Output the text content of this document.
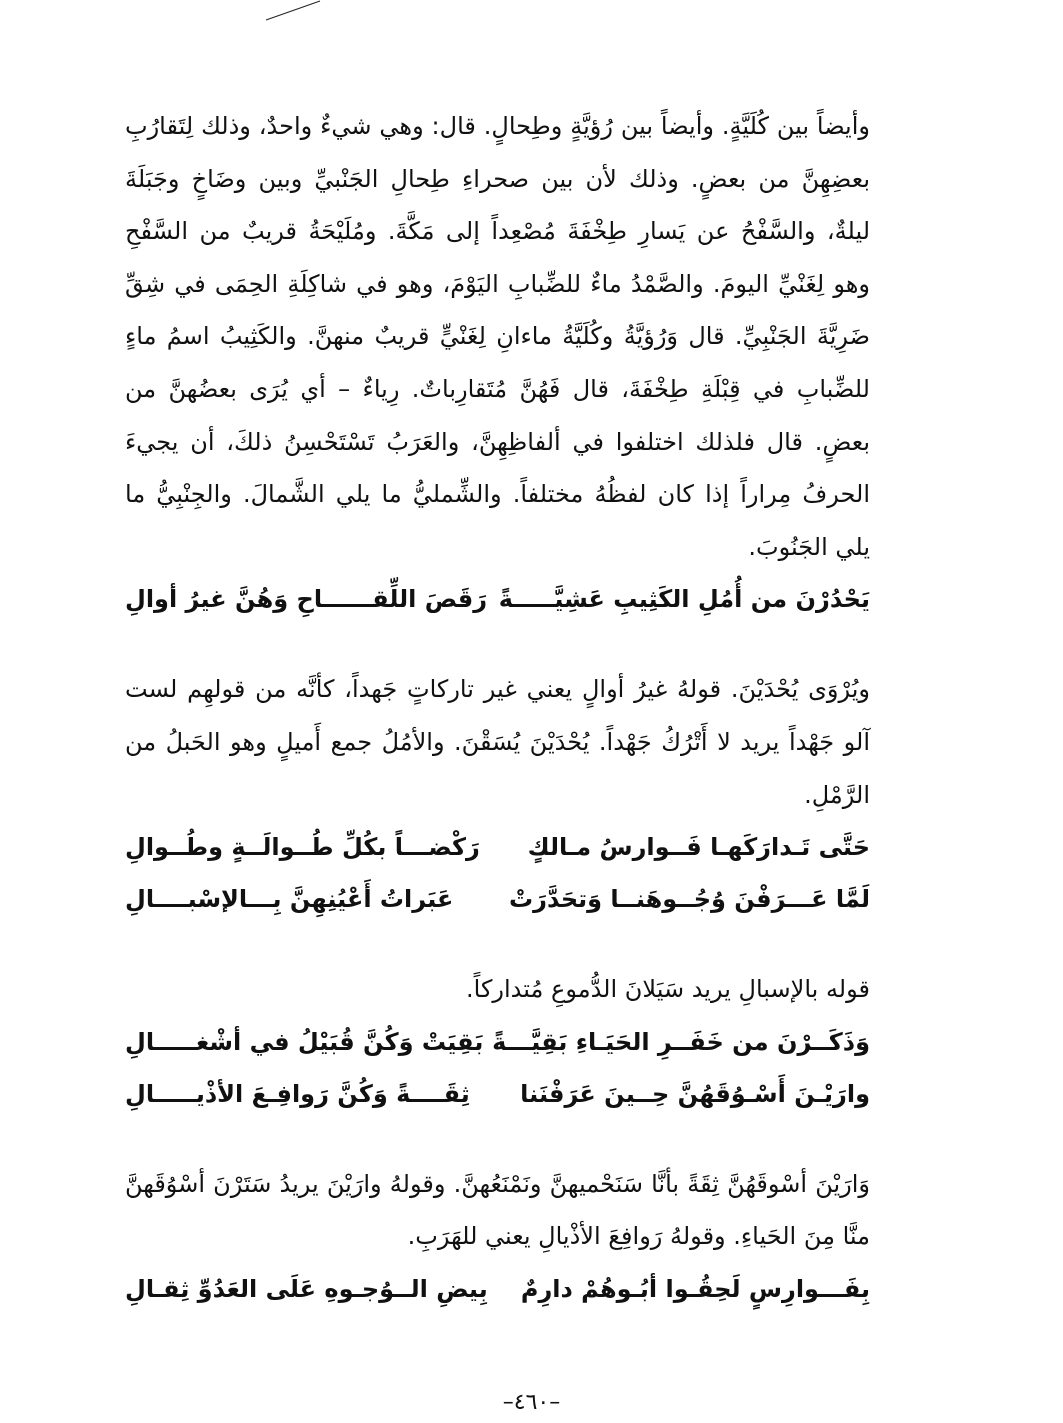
وأيضاً بين كُلَيَّةٍ. وأيضاً بين رُؤيَّةٍ وطِحالٍ. قال: وهي شيءٌ واحدٌ، وذلك لِتَقارُبِ بعضِهِنَّ من بعضٍ. وذلك لأن بين صحراءِ طِحالِ الجَنْبيِّ وبين وضَاخٍ وجَبَلَةَ ليلةٌ، والسَّفْحُ عن يَسارِ طِخْفَةَ مُصْعِداً إلى مَكَّةَ. ومُلَيْحَةُ قريبٌ من السَّفْحِ وهو لِغَنْيِّ اليومَ. والصَّمْدُ ماءٌ للضِّبابِ اليَوْمَ، وهو في شاكِلَةِ الحِمَى في شِقِّ ضَرِيَّةَ الجَنْبِيِّ. قال وَرُؤيَّةُ وكُلَيَّةُ ماءانِ لِغَنْيٍّ قريبٌ منهنَّ. والكَثِيبُ اسمُ ماءٍ للضِّبابِ في قِبْلَةِ طِخْفَةَ، قال فَهُنَّ مُتَقارِباتٌ. رِياءٌ – أي يُرَى بعضُهنَّ من بعضٍ. قال فلذلك اختلفوا في ألفاظِهِنَّ، والعَرَبُ تَسْتَحْسِنُ ذلكَ، أن يجيءَ الحرفُ مِراراً إذا كان لفظُهُ مختلفاً. والشِّمليُّ ما يلي الشَّمالَ. والجِنْبِيُّ ما يلي الجَنُوبَ.

يَحْدُرْنَ من أُمُلِ الكَثِيبِ عَشِيَّـــــةً
رَقَصَ اللِّقــــــاحِ وَهُنَّ غيرُ أوالِ

ويُرْوَى يُحْدَيْنَ. قولهُ غيرُ أوالٍ يعني غير تاركاتٍ جَهداً، كأنَّه من قولهِم لست آلو جَهْداً يريد لا أَتْرُكُ جَهْداً. يُحْدَيْنَ يُسَقْنَ. والأمُلُ جمع أَميلٍ وهو الحَبلُ من الرَّمْلِ.

حَتَّى تَـدارَكَهـا فَــوارسُ مـالكٍ
رَكْضـــاً بكُلِّ طُــوالَــةٍ وطُــوالِ
لَمَّا عَـــرَفْنَ وُجُــوهَنــا وَتحَدَّرَتْ
عَبَراتُ أَعْيُنِهِنَّ بِـــالإسْبــــالِ

قوله بالإسبالِ يريد سَيَلانَ الدُّموعِ مُتداركاً.

وَذَكَــرْنَ من خَفَــرِ الحَيَـاءِ بَقِيَّـــةً
بَقِيَتْ وَكُنَّ قُبَيْلُ في أشْغـــــالِ
وارَيْـنَ أَسْـوُقَهُنَّ حِــينَ عَرَفْنَنا
ثِقَــــةً وَكُنَّ رَوافِـعَ الأذْيـــــالِ

وَارَيْنَ أسْوقَهُنَّ ثِقَةً بأنَّا سَنَحْميهنَّ ونَمْنَعُهنَّ. وقولهُ وارَيْنَ يريدُ سَتَرْنَ أسْوُقَهنَّ منَّا مِنَ الحَياءِ. وقولهُ رَوافِعَ الأذْيالِ يعني للهَرَبِ.

بِفَـــوارِسٍ لَحِقُـوا أبُـوهُمْ دارِمٌ
بِيضِ الــوُجـوهِ عَلَى العَدُوِّ ثِقـالِ
–٤٦٠–
